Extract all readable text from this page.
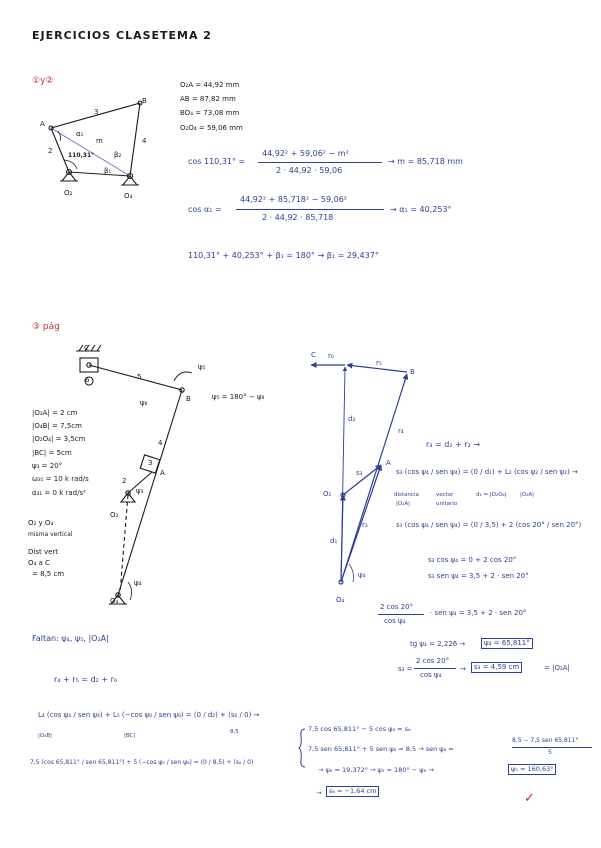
EJERCICIOS CLASE TEMA 2
①y②
A
B
O₂	O₄
2
3
4
α₁
β₂
β₁
110,31°
m
O₂A = 44,92 mm
AB = 87,82 mm
BO₄ = 73,08 mm
O₂O₄ = 59,06 mm
cos 110,31° =
44,92² + 59,06² − m²
2 · 44,92 · 59,06
→ m = 85,718 mm
cos α₁ =
44,92² + 85,718² − 59,06²
2 · 44,92 · 85,718
→ α₁ = 40,253°
110,31° + 40,253° + β₁ = 180° → β₁ = 29,437°
③ pág
C
6	5
B
ψ₈
ψ₅
ψ₅ = 180° − ψ₈
4
A
3
2
ψ₃
O₂
ψ₄
O₄
|O₂A| = 2 cm
|O₄B| = 7,5cm
|O₂O₄| = 3,5cm
|BC| = 5cm
ψ₃ = 20°
ω₃₁ = 10 k rad/s
α₃₁ = 0 k rad/s²
O₂ y O₄
misma vertical
Dist vert
O₄ a C
= 8,5 cm
Faltan: ψ₄, ψ₅, |O₂A|
C r₆
r₅
B
d₂
r₄
s₃
A
O₂
r₃
d₁
ψ₄
O₄
r₃ = d₁ + r₂ →
s₃ (cos ψ₄ / sen ψ₄) = (0 / d₁) + L₂ (cos ψ₂ / sen ψ₂) →
distancia	vector	d₁ = |O₂O₄| |O₂A|
|O₂A|	unitario
s₃ (cos ψ₄ / sen ψ₄) = (0 / 3,5) + 2 (cos 20° / sen 20°)
s₃ cos ψ₄ = 0 + 2 cos 20°
s₃ sen ψ₄ = 3,5 + 2 · sen 20°
2 cos 20°
cos ψ₄
· sen ψ₄ = 3,5 + 2 · sen 20°
tg ψ₄ = 2,226 →	ψ₄ = 65,811°
s₃ =
2 cos 20°
cos ψ₄
→	s₃ = 4,59 cm	= |O₂A|
r₄ + r₅ = d₂ + r₆
L₄ (cos ψ₄ / sen ψ₄) + L₅ (−cos ψ₈ / sen ψ₈) = (0 / d₂) + (s₆ / 0) →
|O₄B|	|BC|
8,5
7,5 (cos 65,811° / sen 65,811°) + 5 (−cos ψ₈ / sen ψ₈) = (0 / 8,5) + (s₆ / 0)
7,5 cos 65,811° − 5 cos ψ₈ = s₆
7,5 sen 65,811° + 5 sen ψ₈ = 8,5 → sen ψ₈ =
8,5 − 7,5 sen 65,811°
5
→ ψ₈ = 19,372° → ψ₅ = 180° − ψ₈ →	ψ₅ = 160,63°
→	s₆ = −1,64 cm	✓
